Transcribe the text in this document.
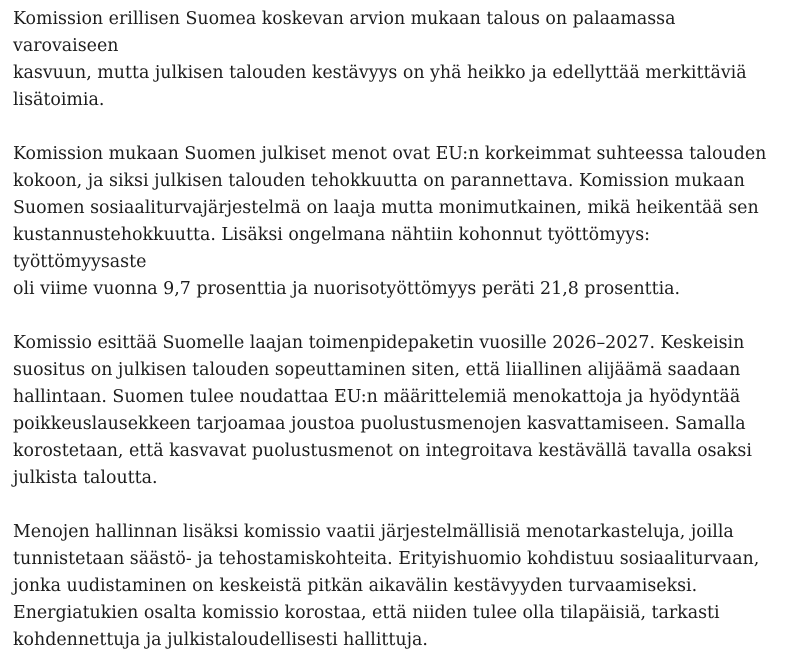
Komission erillisen Suomea koskevan arvion mukaan talous on palaamassa varovaiseen
kasvuun, mutta julkisen talouden kestävyys on yhä heikko ja edellyttää merkittäviä
lisätoimia.

Komission mukaan Suomen julkiset menot ovat EU:n korkeimmat suhteessa talouden
kokoon, ja siksi julkisen talouden tehokkuutta on parannettava. Komission mukaan
Suomen sosiaaliturvajärjestelmä on laaja mutta monimutkainen, mikä heikentää sen
kustannustehokkuutta. Lisäksi ongelmana nähtiin kohonnut työttömyys: työttömyysaste
oli viime vuonna 9,7 prosenttia ja nuorisotyöttömyys peräti 21,8 prosenttia.

Komissio esittää Suomelle laajan toimenpidepaketin vuosille 2026–2027. Keskeisin
suositus on julkisen talouden sopeuttaminen siten, että liiallinen alijäämä saadaan
hallintaan. Suomen tulee noudattaa EU:n määrittelemiä menokattoja ja hyödyntää
poikkeuslausekkeen tarjoamaa joustoa puolustusmenojen kasvattamiseen. Samalla
korostetaan, että kasvavat puolustusmenot on integroitava kestävällä tavalla osaksi
julkista taloutta.

Menojen hallinnan lisäksi komissio vaatii järjestelmällisiä menotarkasteluja, joilla
tunnistetaan säästö- ja tehostamiskohteita. Erityishuomio kohdistuu sosiaaliturvaan,
jonka uudistaminen on keskeistä pitkän aikavälin kestävyyden turvaamiseksi.
Energiatukien osalta komissio korostaa, että niiden tulee olla tilapäisiä, tarkasti
kohdennettuja ja julkistaloudellisesti hallittuja.
